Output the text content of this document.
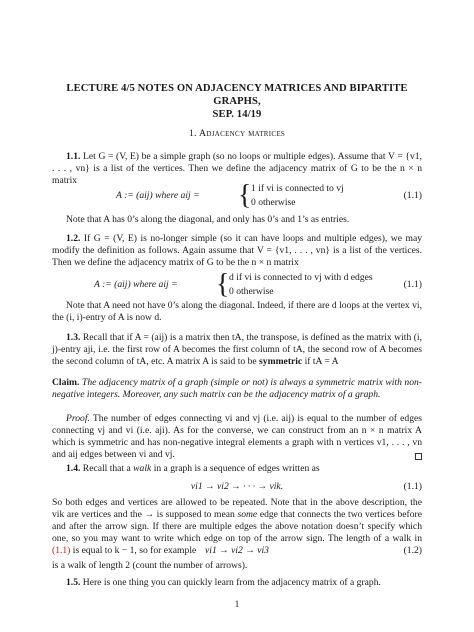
LECTURE 4/5 NOTES ON ADJACENCY MATRICES AND BIPARTITE GRAPHS,
SEP. 14/19
1. Adjacency matrices
1.1. Let G = (V, E) be a simple graph (so no loops or multiple edges). Assume that V = {v1, . . . , vn} is a list of the vertices. Then we define the adjacency matrix of G to be the n × n matrix
A := (aij) where aij = { 1 if vi is connected to vj
0 otherwise
(1.1)
Note that A has 0’s along the diagonal, and only has 0’s and 1’s as entries.
1.2. If G = (V, E) is no-longer simple (so it can have loops and multiple edges), we may modify the definition as follows. Again assume that V = {v1, . . . , vn} is a list of the vertices. Then we define the adjacency matrix of G to be the n × n matrix
A := (aij) where aij = { d if vi is connected to vj with d edges
0 otherwise
(1.1)
Note that A need not have 0’s along the diagonal. Indeed, if there are d loops at the vertex vi, the (i, i)-entry of A is now d.
1.3. Recall that if A = (aij) is a matrix then tA, the transpose, is defined as the matrix with (i, j)-entry aji, i.e. the first row of A becomes the first column of tA, the second row of A becomes the second column of tA, etc. A matrix A is said to be symmetric if tA = A
Claim. The adjacency matrix of a graph (simple or not) is always a symmetric matrix with non-negative integers. Moreover, any such matrix can be the adjacency matrix of a graph.
Proof. The number of edges connecting vi and vj (i.e. aij) is equal to the number of edges connecting vj and vi (i.e. aji). As for the converse, we can construct from an n × n matrix A which is symmetric and has non-negative integral elements a graph with n vertices v1, . . . , vn and aij edges between vi and vj.
1.4. Recall that a walk in a graph is a sequence of edges written as
vi1 → vi2 → · · · → vik.	(1.1)
So both edges and vertices are allowed to be repeated. Note that in the above description, the vik are vertices and the → is supposed to mean some edge that connects the two vertices before and after the arrow sign. If there are multiple edges the above notation doesn’t specify which one, so you may want to write which edge on top of the arrow sign. The length of a walk in (1.1) is equal to k − 1, so for example vi1 → vi2 → vi3	(1.2)
is a walk of length 2 (count the number of arrows).
1.5. Here is one thing you can quickly learn from the adjacency matrix of a graph.
1
